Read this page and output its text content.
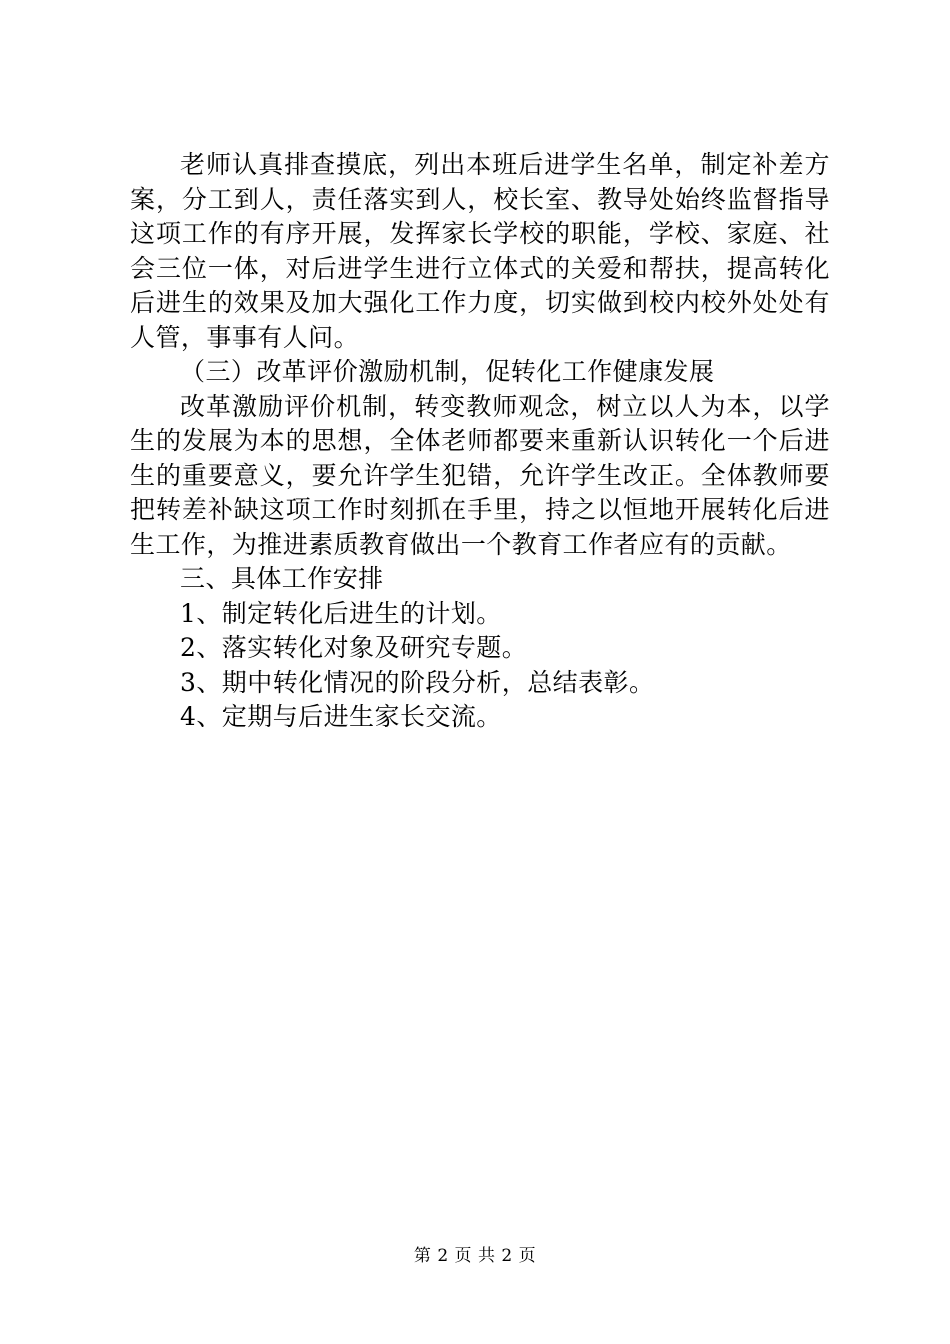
老师认真排查摸底，列出本班后进学生名单，制定补差方案，分工到人，责任落实到人，校长室、教导处始终监督指导这项工作的有序开展，发挥家长学校的职能，学校、家庭、社会三位一体，对后进学生进行立体式的关爱和帮扶，提高转化后进生的效果及加大强化工作力度，切实做到校内校外处处有人管，事事有人问。

（三）改革评价激励机制，促转化工作健康发展

改革激励评价机制，转变教师观念，树立以人为本，以学生的发展为本的思想，全体老师都要来重新认识转化一个后进生的重要意义，要允许学生犯错，允许学生改正。全体教师要把转差补缺这项工作时刻抓在手里，持之以恒地开展转化后进生工作，为推进素质教育做出一个教育工作者应有的贡献。

三、具体工作安排

1、制定转化后进生的计划。

2、落实转化对象及研究专题。

3、期中转化情况的阶段分析，总结表彰。

4、定期与后进生家长交流。

第 2 页 共 2 页
